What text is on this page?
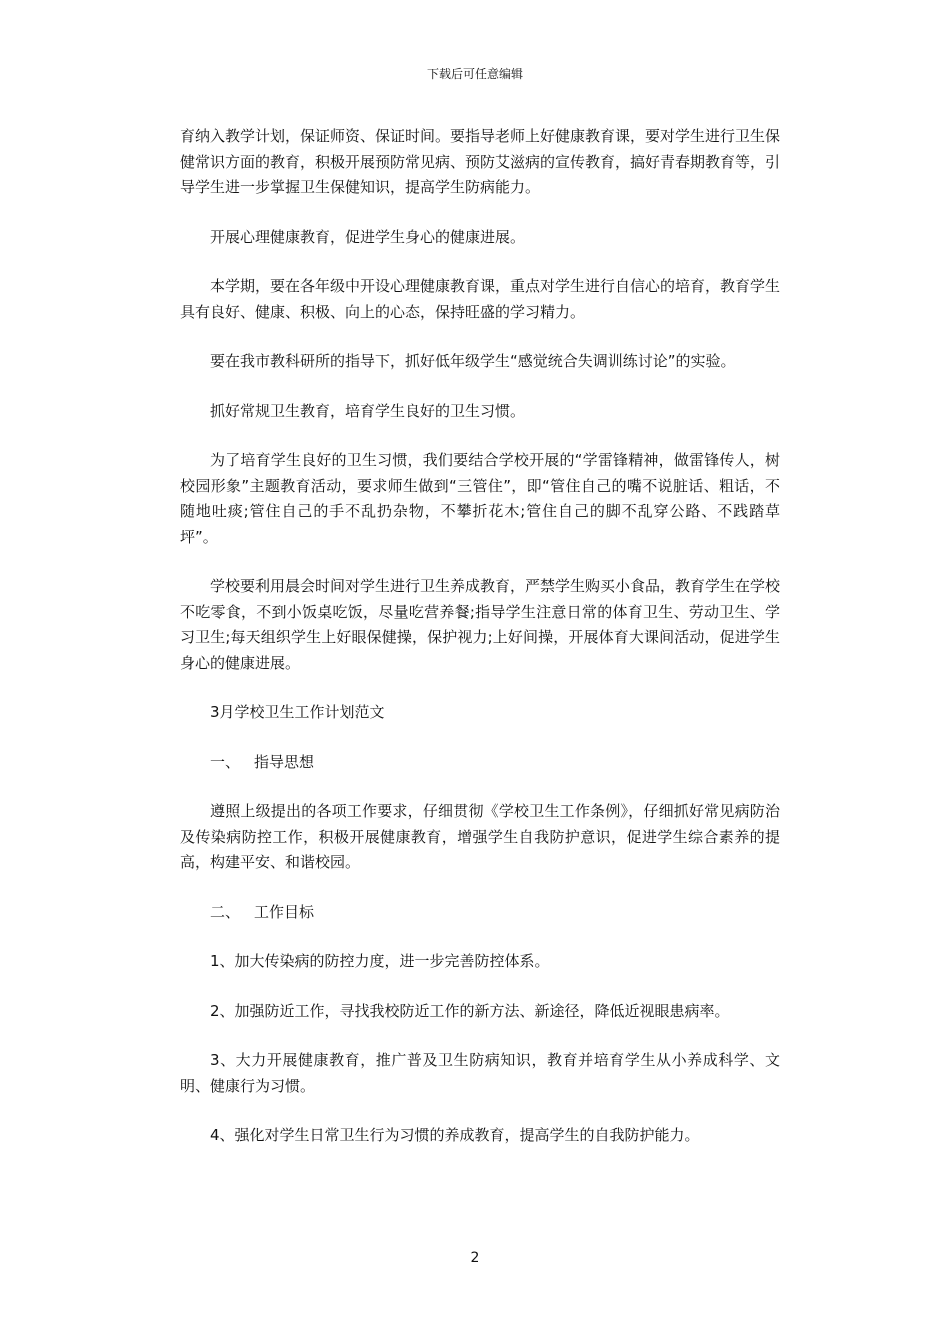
下载后可任意编辑

育纳入教学计划，保证师资、保证时间。要指导老师上好健康教育课，要对学生进行卫生保健常识方面的教育，积极开展预防常见病、预防艾滋病的宣传教育，搞好青春期教育等，引导学生进一步掌握卫生保健知识，提高学生防病能力。

开展心理健康教育，促进学生身心的健康进展。

本学期，要在各年级中开设心理健康教育课，重点对学生进行自信心的培育，教育学生具有良好、健康、积极、向上的心态，保持旺盛的学习精力。

要在我市教科研所的指导下，抓好低年级学生“感觉统合失调训练讨论”的实验。

抓好常规卫生教育，培育学生良好的卫生习惯。

为了培育学生良好的卫生习惯，我们要结合学校开展的“学雷锋精神，做雷锋传人，树校园形象”主题教育活动，要求师生做到“三管住”，即“管住自己的嘴不说脏话、粗话，不随地吐痰;管住自己的手不乱扔杂物，不攀折花木;管住自己的脚不乱穿公路、不践踏草坪”。

学校要利用晨会时间对学生进行卫生养成教育，严禁学生购买小食品，教育学生在学校不吃零食，不到小饭桌吃饭，尽量吃营养餐;指导学生注意日常的体育卫生、劳动卫生、学习卫生;每天组织学生上好眼保健操，保护视力;上好间操，开展体育大课间活动，促进学生身心的健康进展。

3月学校卫生工作计划范文

一、 指导思想

遵照上级提出的各项工作要求，仔细贯彻《学校卫生工作条例》，仔细抓好常见病防治及传染病防控工作，积极开展健康教育，增强学生自我防护意识，促进学生综合素养的提高，构建平安、和谐校园。

二、 工作目标

1、加大传染病的防控力度，进一步完善防控体系。

2、加强防近工作，寻找我校防近工作的新方法、新途径，降低近视眼患病率。

3、大力开展健康教育，推广普及卫生防病知识，教育并培育学生从小养成科学、文明、健康行为习惯。

4、强化对学生日常卫生行为习惯的养成教育，提高学生的自我防护能力。

2
